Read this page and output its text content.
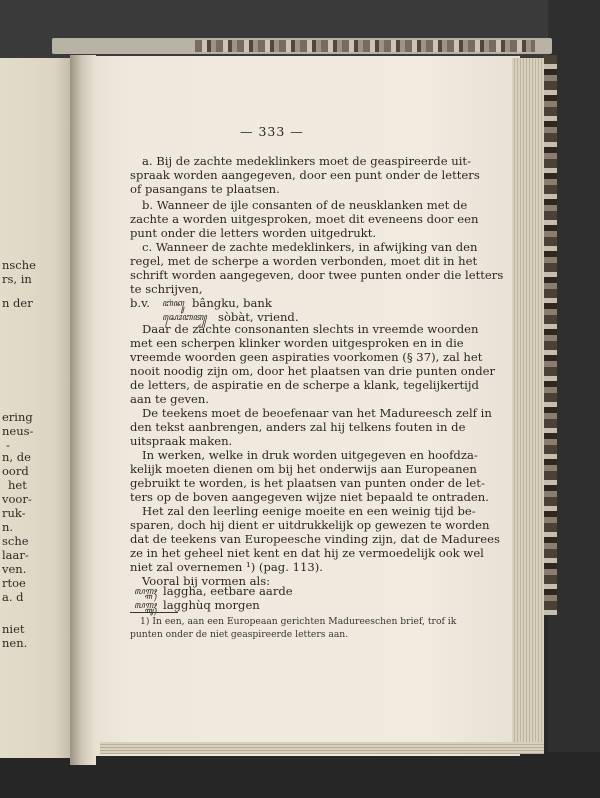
nsche
rs, in
n der
ering
neus-
-
n, de
oord
het
voor-
ruk-
n.
sche
laar-
ven.
rtoe
a. d
niet
nen.
— 333 —
a. Bij de zachte medeklinkers moet de geaspireerde uit-
spraak worden aangegeven, door een punt onder de letters
of pasangans te plaatsen.
b. Wanneer de ijle consanten of de neusklanken met de
zachte a worden uitgesproken, moet dit eveneens door een
punt onder die letters worden uitgedrukt.
c. Wanneer de zachte medeklinkers, in afwijking van den
regel, met de scherpe a worden verbonden, moet dit in het
schrift worden aangegeven, door twee punten onder die letters
te schrijven,
Daar de zachte consonanten slechts in vreemde woorden
met een scherpen klinker worden uitgesproken en in die
vreemde woorden geen aspiraties voorkomen (§ 37), zal het
nooit noodig zijn om, door het plaatsen van drie punten onder
de letters, de aspiratie en de scherpe a klank, tegelijkertijd
aan te geven.
De teekens moet de beoefenaar van het Madureesch zelf in
den tekst aanbrengen, anders zal hij telkens fouten in de
uitspraak maken.
In werken, welke in druk worden uitgegeven en hoofdza-
kelijk moeten dienen om bij het onderwijs aan Europeanen
gebruikt te worden, is het plaatsen van punten onder de let-
ters op de boven aangegeven wijze niet bepaald te ontraden.
Het zal den leerling eenige moeite en een weinig tijd be-
sparen, doch hij dient er uitdrukkelijk op gewezen te worden
dat de teekens van Europeesche vinding zijn, dat de Madurees
ze in het geheel niet kent en dat hij ze vermoedelijk ook wel
niet zal overnemen ¹) (pag. 113).
Vooral bij vormen als:
b.v. ꦧꦁꦏꦸ bângku, bank
ꦱꦺꦴꦧꦠ꧀ sòbàt, vriend.
ꦭꦒ꧀ꦒꦃ laggha, eetbare aarde
ꦭꦒ꧀ꦒꦸꦃ lagghùq morgen
1) In een, aan een Europeaan gerichten Madureeschen brief, trof ik
punten onder de niet geaspireerde letters aan.
